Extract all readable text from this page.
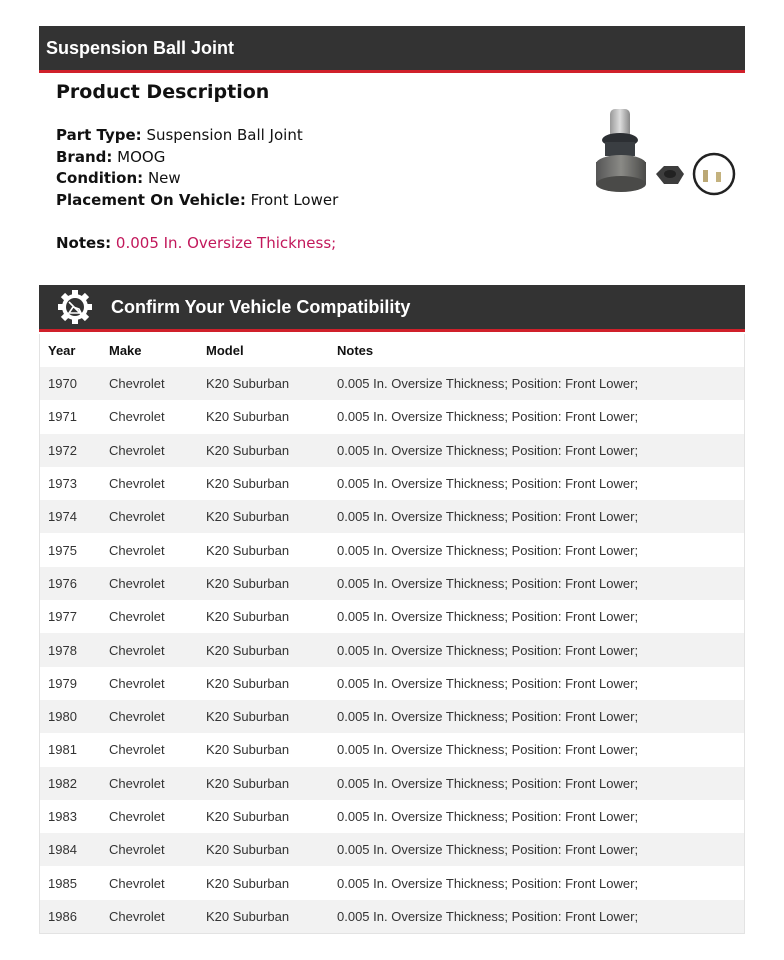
Suspension Ball Joint
Product Description
Part Type: Suspension Ball Joint
Brand: MOOG
Condition: New
Placement On Vehicle: Front Lower
Notes: 0.005 In. Oversize Thickness;
Confirm Your Vehicle Compatibility
Year	Make	Model	Notes
1970	Chevrolet	K20 Suburban	0.005 In. Oversize Thickness; Position: Front Lower;
1971	Chevrolet	K20 Suburban	0.005 In. Oversize Thickness; Position: Front Lower;
1972	Chevrolet	K20 Suburban	0.005 In. Oversize Thickness; Position: Front Lower;
1973	Chevrolet	K20 Suburban	0.005 In. Oversize Thickness; Position: Front Lower;
1974	Chevrolet	K20 Suburban	0.005 In. Oversize Thickness; Position: Front Lower;
1975	Chevrolet	K20 Suburban	0.005 In. Oversize Thickness; Position: Front Lower;
1976	Chevrolet	K20 Suburban	0.005 In. Oversize Thickness; Position: Front Lower;
1977	Chevrolet	K20 Suburban	0.005 In. Oversize Thickness; Position: Front Lower;
1978	Chevrolet	K20 Suburban	0.005 In. Oversize Thickness; Position: Front Lower;
1979	Chevrolet	K20 Suburban	0.005 In. Oversize Thickness; Position: Front Lower;
1980	Chevrolet	K20 Suburban	0.005 In. Oversize Thickness; Position: Front Lower;
1981	Chevrolet	K20 Suburban	0.005 In. Oversize Thickness; Position: Front Lower;
1982	Chevrolet	K20 Suburban	0.005 In. Oversize Thickness; Position: Front Lower;
1983	Chevrolet	K20 Suburban	0.005 In. Oversize Thickness; Position: Front Lower;
1984	Chevrolet	K20 Suburban	0.005 In. Oversize Thickness; Position: Front Lower;
1985	Chevrolet	K20 Suburban	0.005 In. Oversize Thickness; Position: Front Lower;
1986	Chevrolet	K20 Suburban	0.005 In. Oversize Thickness; Position: Front Lower;
